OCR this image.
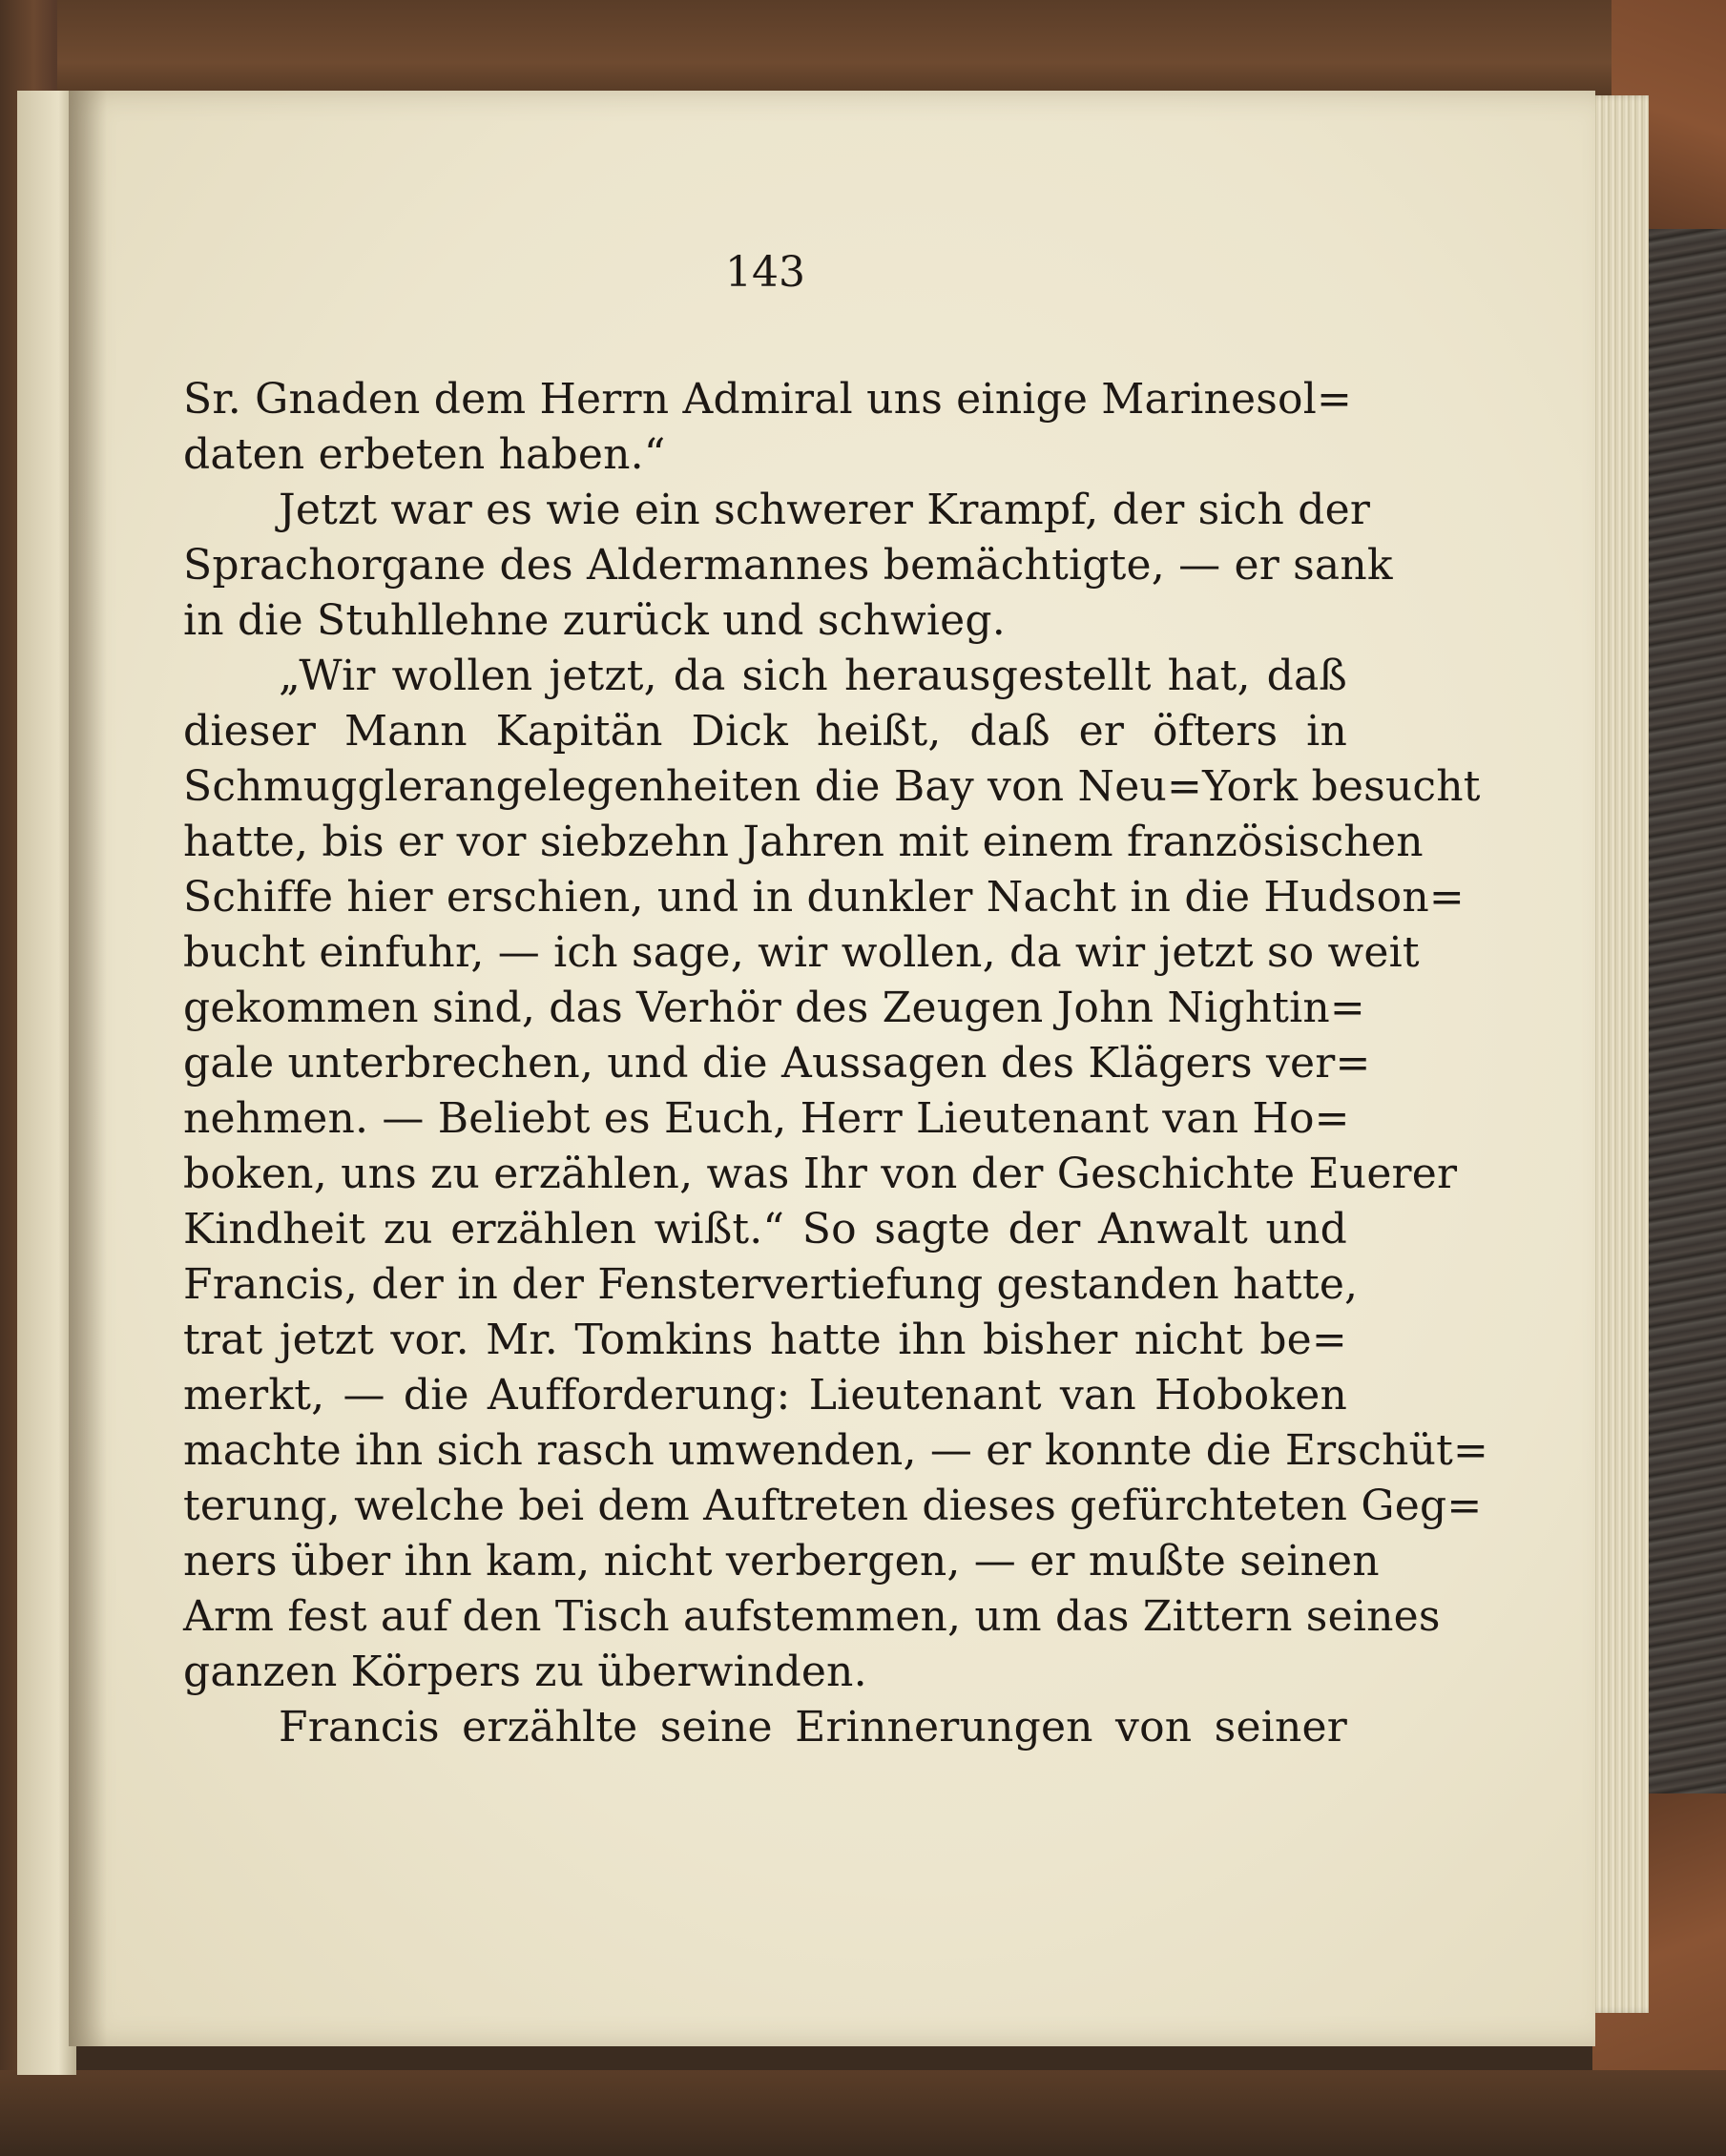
143
Sr. Gnaden dem Herrn Admiral uns einige Marinesol=
daten erbeten haben.“
Jetzt war es wie ein schwerer Krampf, der sich der
Sprachorgane des Aldermannes bemächtigte, — er sank
in die Stuhllehne zurück und schwieg.
„Wir wollen jetzt, da sich herausgestellt hat, daß
dieser Mann Kapitän Dick heißt, daß er öfters in
Schmugglerangelegenheiten die Bay von Neu=York besucht
hatte, bis er vor siebzehn Jahren mit einem französischen
Schiffe hier erschien, und in dunkler Nacht in die Hudson=
bucht einfuhr, — ich sage, wir wollen, da wir jetzt so weit
gekommen sind, das Verhör des Zeugen John Nightin=
gale unterbrechen, und die Aussagen des Klägers ver=
nehmen. — Beliebt es Euch, Herr Lieutenant van Ho=
boken, uns zu erzählen, was Ihr von der Geschichte Euerer
Kindheit zu erzählen wißt.“ So sagte der Anwalt und
Francis, der in der Fenstervertiefung gestanden hatte,
trat jetzt vor. Mr. Tomkins hatte ihn bisher nicht be=
merkt, — die Aufforderung: Lieutenant van Hoboken
machte ihn sich rasch umwenden, — er konnte die Erschüt=
terung, welche bei dem Auftreten dieses gefürchteten Geg=
ners über ihn kam, nicht verbergen, — er mußte seinen
Arm fest auf den Tisch aufstemmen, um das Zittern seines
ganzen Körpers zu überwinden.
Francis erzählte seine Erinnerungen von seiner
